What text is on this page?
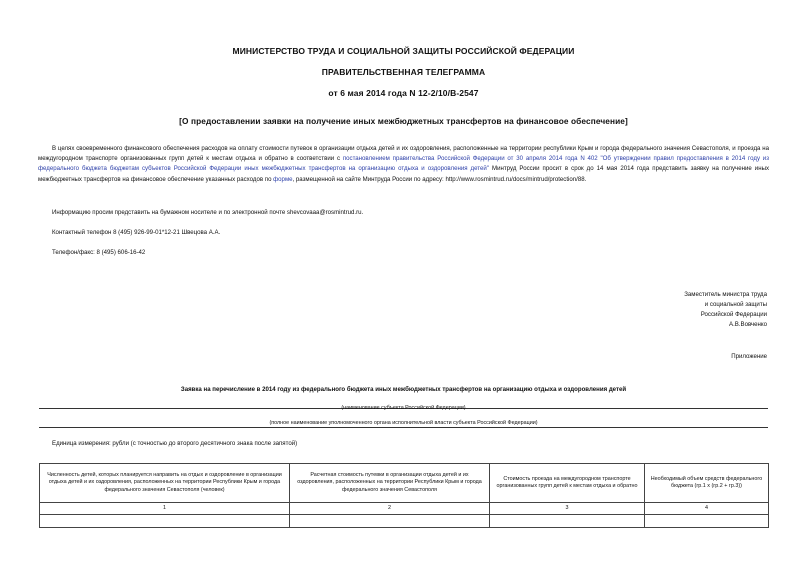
МИНИСТЕРСТВО ТРУДА И СОЦИАЛЬНОЙ ЗАЩИТЫ РОССИЙСКОЙ ФЕДЕРАЦИИ
ПРАВИТЕЛЬСТВЕННАЯ ТЕЛЕГРАММА
от 6 мая 2014 года N 12-2/10/В-2547
[О предоставлении заявки на получение иных межбюджетных трансфертов на финансовое обеспечение]
В целях своевременного финансового обеспечения расходов на оплату стоимости путевок в организации отдыха детей и их оздоровления, расположенные на территории республики Крым и города федерального значения Севастополя, и проезда на междугородном транспорте организованных групп детей к местам отдыха и обратно в соответствии с постановлением правительства Российской Федерации от 30 апреля 2014 года N 402 "Об утверждении правил предоставления в 2014 году из федерального бюджета бюджетам субъектов Российской Федерации иных межбюджетных трансфертов на организацию отдыха и оздоровления детей" Минтруд России просит в срок до 14 мая 2014 года представить заявку на получение иных межбюджетных трансфертов на финансовое обеспечение указанных расходов по форме, размещенной на сайте Минтруда России по адресу: http://www.rosmintrud.ru/docs/mintrud/protection/88.
Информацию просим представить на бумажном носителе и по электронной почте shevcovaaa@rosmintrud.ru.
Контактный телефон 8 (495) 926-99-01*12-21 Швецова А.А.
Телефон/факс: 8 (495) 606-16-42
Заместитель министра труда
и социальной защиты
Российской Федерации
А.В.Вовченко
Приложение
Заявка на перечисление в 2014 году из федерального бюджета иных межбюджетных трансфертов на организацию отдыха и оздоровления детей
(наименование субъекта Российской Федерации)
(полное наименование уполномоченного органа исполнительной власти субъекта Российской Федерации)
Единица измерения: рубли (с точностью до второго десятичного знака после запятой)
Численность детей, которых планируется направить на отдых и оздоровление в организации отдыха детей и их оздоровления, расположенных на территории Республики Крым и города федерального значения Севастополя (человек)	Расчетная стоимость путевки в организации отдыха детей и их оздоровления, расположенных на территории Республики Крым и города федерального значения Севастополя	Стоимость проезда на междугородном транспорте организованных групп детей к местам отдыха и обратно	Необходимый объем средств федерального бюджета (гр.1 х (гр.2 + гр.3))
1	2	3	4
